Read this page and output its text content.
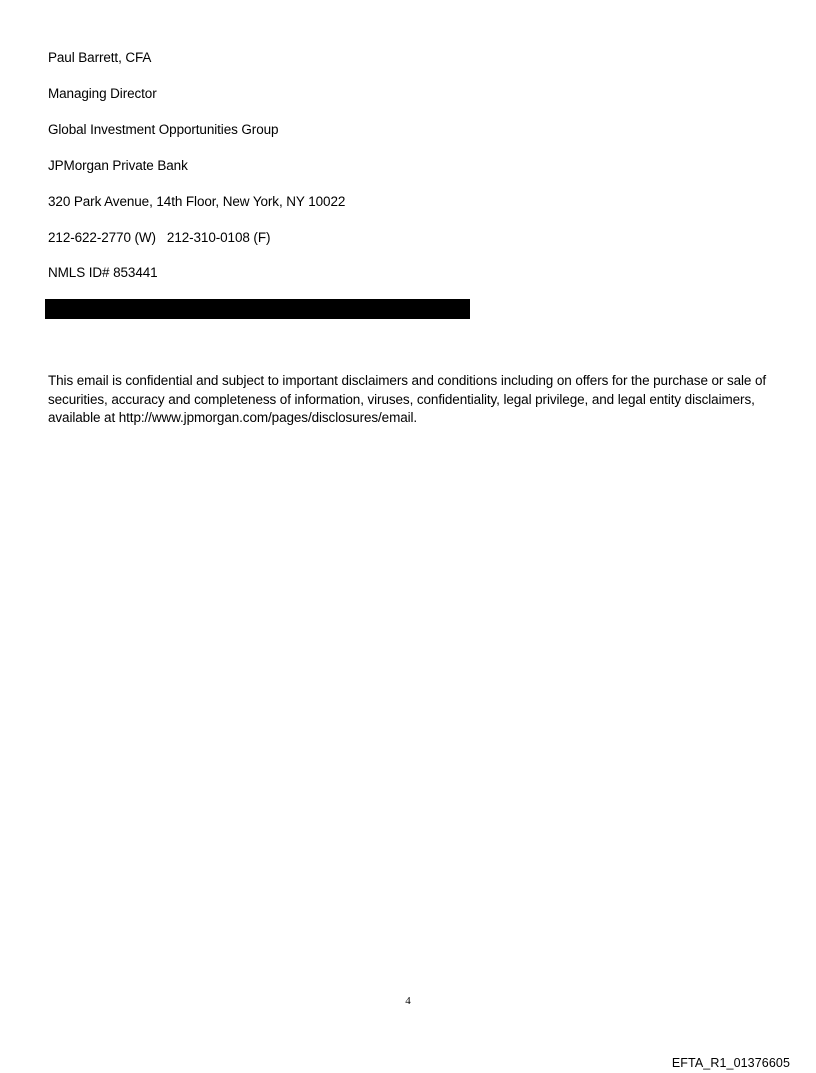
Paul Barrett, CFA
Managing Director
Global Investment Opportunities Group
JPMorgan Private Bank
320 Park Avenue, 14th Floor, New York, NY 10022
212-622-2770 (W)   212-310-0108 (F)
NMLS ID# 853441

This email is confidential and subject to important disclaimers and conditions including on offers for the purchase or sale of securities, accuracy and completeness of information, viruses, confidentiality, legal privilege, and legal entity disclaimers, available at http://www.jpmorgan.com/pages/disclosures/email.

4
EFTA_R1_01376605
